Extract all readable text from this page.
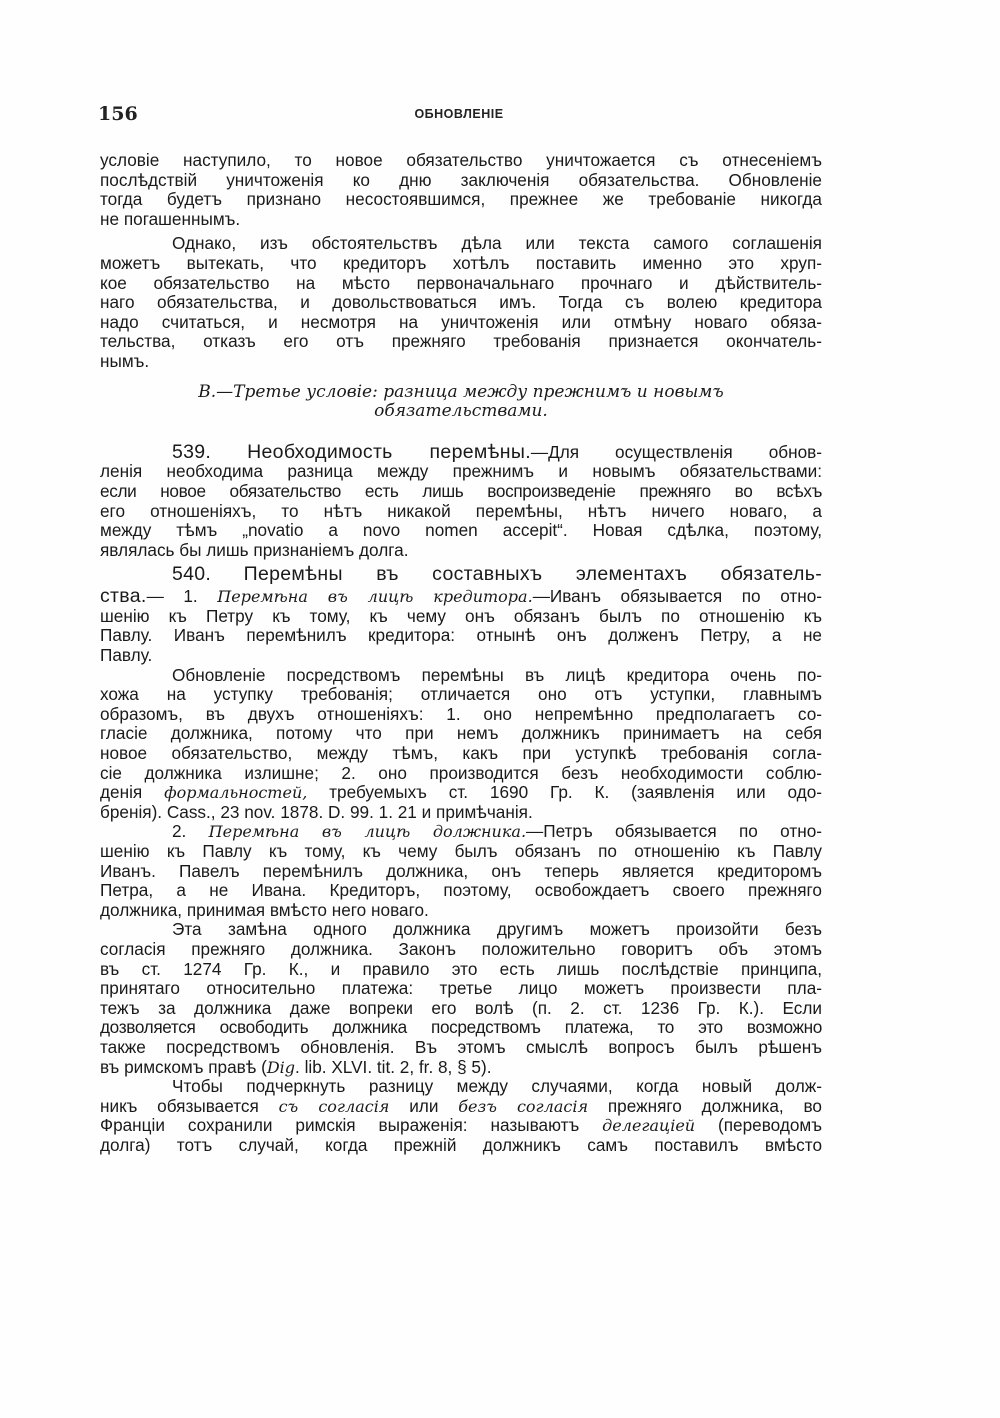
156	ОБНОВЛЕНІЕ
условіе наступило, то новое обязательство уничтожается съ отнесеніемъ
послѣдствій уничтоженія ко дню заключенія обязательства. Обновленіе
тогда будетъ признано несостоявшимся, прежнее же требованіе никогда
не погашеннымъ.
Однако, изъ обстоятельствъ дѣла или текста самого соглашенія
можетъ вытекать, что кредиторъ хотѣлъ поставить именно это хруп-
кое обязательство на мѣсто первоначальнаго прочнаго и дѣйствитель-
наго обязательства, и довольствоваться имъ. Тогда съ волею кредитора
надо считаться, и несмотря на уничтоженія или отмѣну новаго обяза-
тельства, отказъ его отъ прежняго требованія признается окончатель-
нымъ.
В.—Третье условіе: разница между прежнимъ и новымъ
обязательствами.
539. Необходимость перемѣны.—Для осуществленія обнов-
ленія необходима разница между прежнимъ и новымъ обязательствами:
если новое обязательство есть лишь воспроизведеніе прежняго во всѣхъ
его отношеніяхъ, то нѣтъ никакой перемѣны, нѣтъ ничего новаго, а
между тѣмъ „novatio a novo nomen accepit“. Новая сдѣлка, поэтому,
являлась бы лишь признаніемъ долга.
540. Перемѣны въ составныхъ элементахъ обязатель-
ства.— 1. Перемѣна въ лицѣ кредитора.—Иванъ обязывается по отно-
шенію къ Петру къ тому, къ чему онъ обязанъ былъ по отношенію къ
Павлу. Иванъ перемѣнилъ кредитора: отнынѣ онъ долженъ Петру, а не
Павлу.
Обновленіе посредствомъ перемѣны въ лицѣ кредитора очень по-
хожа на уступку требованія; отличается оно отъ уступки, главнымъ
образомъ, въ двухъ отношеніяхъ: 1. оно непремѣнно предполагаетъ со-
гласіе должника, потому что при немъ должникъ принимаетъ на себя
новое обязательство, между тѣмъ, какъ при уступкѣ требованія согла-
сіе должника излишне; 2. оно производится безъ необходимости соблю-
денія формальностей, требуемыхъ ст. 1690 Гр. К. (заявленія или одо-
бренія). Cass., 23 nov. 1878. D. 99. 1. 21 и примѣчанія.
2. Перемѣна въ лицѣ должника.—Петръ обязывается по отно-
шенію къ Павлу къ тому, къ чему былъ обязанъ по отношенію къ Павлу
Иванъ. Павелъ перемѣнилъ должника, онъ теперь является кредиторомъ
Петра, а не Ивана. Кредиторъ, поэтому, освобождаетъ своего прежняго
должника, принимая вмѣсто него новаго.
Эта замѣна одного должника другимъ можетъ произойти безъ
согласія прежняго должника. Законъ положительно говоритъ объ этомъ
въ ст. 1274 Гр. К., и правило это есть лишь послѣдствіе принципа,
принятаго относительно платежа: третье лицо можетъ произвести пла-
тежъ за должника даже вопреки его волѣ (п. 2. ст. 1236 Гр. К.). Если
дозволяется освободить должника посредствомъ платежа, то это возможно
также посредствомъ обновленія. Въ этомъ смыслѣ вопросъ былъ рѣшенъ
въ римскомъ правѣ (Dig. lib. XLVI. tit. 2, fr. 8, § 5).
Чтобы подчеркнуть разницу между случаями, когда новый долж-
никъ обязывается съ согласія или безъ согласія прежняго должника, во
Франціи сохранили римскія выраженія: называютъ делегаціей (переводомъ
долга) тотъ случай, когда прежній должникъ самъ поставилъ вмѣсто
